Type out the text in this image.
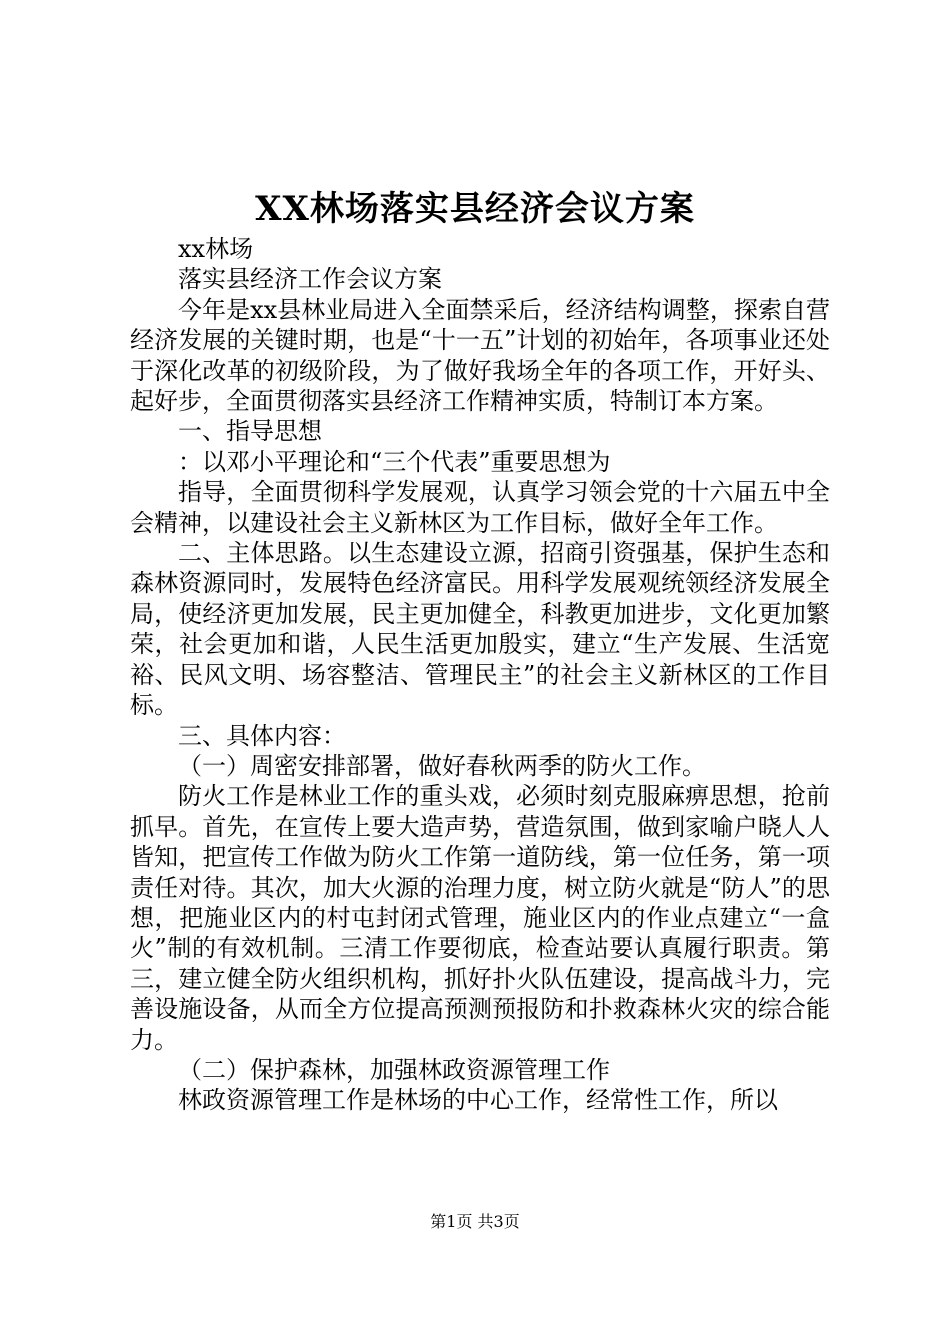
XX林场落实县经济会议方案

xx林场

落实县经济工作会议方案

今年是xx县林业局进入全面禁采后，经济结构调整，探索自营经济发展的关键时期，也是“十一五”计划的初始年，各项事业还处于深化改革的初级阶段，为了做好我场全年的各项工作，开好头、起好步，全面贯彻落实县经济工作精神实质，特制订本方案。

一、指导思想

：以邓小平理论和“三个代表”重要思想为

指导，全面贯彻科学发展观，认真学习领会党的十六届五中全会精神，以建设社会主义新林区为工作目标，做好全年工作。

二、主体思路。以生态建设立源，招商引资强基，保护生态和森林资源同时，发展特色经济富民。用科学发展观统领经济发展全局，使经济更加发展，民主更加健全，科教更加进步，文化更加繁荣，社会更加和谐，人民生活更加殷实，建立“生产发展、生活宽裕、民风文明、场容整洁、管理民主”的社会主义新林区的工作目标。

三、具体内容：

（一）周密安排部署，做好春秋两季的防火工作。

防火工作是林业工作的重头戏，必须时刻克服麻痹思想，抢前抓早。首先，在宣传上要大造声势，营造氛围，做到家喻户晓人人皆知，把宣传工作做为防火工作第一道防线，第一位任务，第一项责任对待。其次，加大火源的治理力度，树立防火就是“防人”的思想，把施业区内的村屯封闭式管理，施业区内的作业点建立“一盒火”制的有效机制。三清工作要彻底，检查站要认真履行职责。第三，建立健全防火组织机构，抓好扑火队伍建设，提高战斗力，完善设施设备，从而全方位提高预测预报防和扑救森林火灾的综合能力。

（二）保护森林，加强林政资源管理工作

林政资源管理工作是林场的中心工作，经常性工作，所以

第1页 共3页
